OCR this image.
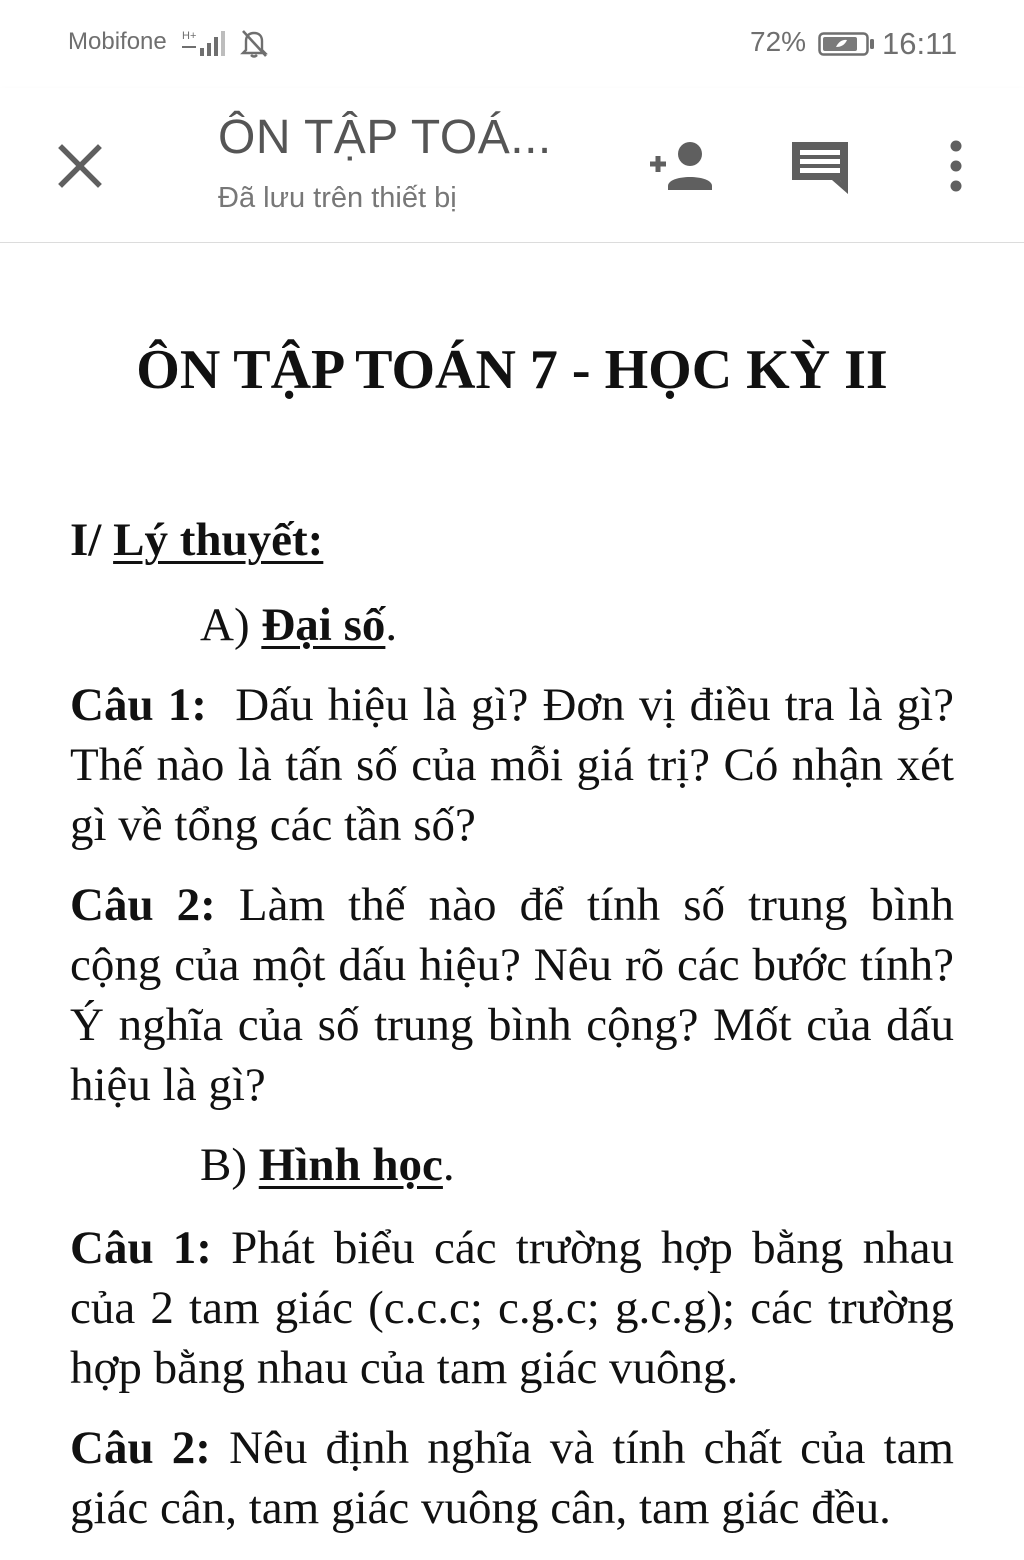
Mobifone H+	72% 16:11
ÔN TẬP TOÁ...
Đã lưu trên thiết bị
ÔN TẬP TOÁN 7 - HỌC KỲ II
I/ Lý thuyết:
A) Đại số.
Câu 1:  Dấu hiệu là gì? Đơn vị điều tra là gì? Thế nào là tấn số của mỗi giá trị? Có nhận xét gì về tổng các tần số?
Câu 2: Làm thế nào để tính số trung bình cộng của một dấu hiệu? Nêu rõ các bước tính? Ý nghĩa của số trung bình cộng? Mốt của dấu hiệu là gì?
B) Hình học.
Câu 1: Phát biểu các trường hợp bằng nhau của 2 tam giác (c.c.c; c.g.c; g.c.g); các trường hợp bằng nhau của tam giác vuông.
Câu 2: Nêu định nghĩa và tính chất của tam giác cân, tam giác vuông cân, tam giác đều.
